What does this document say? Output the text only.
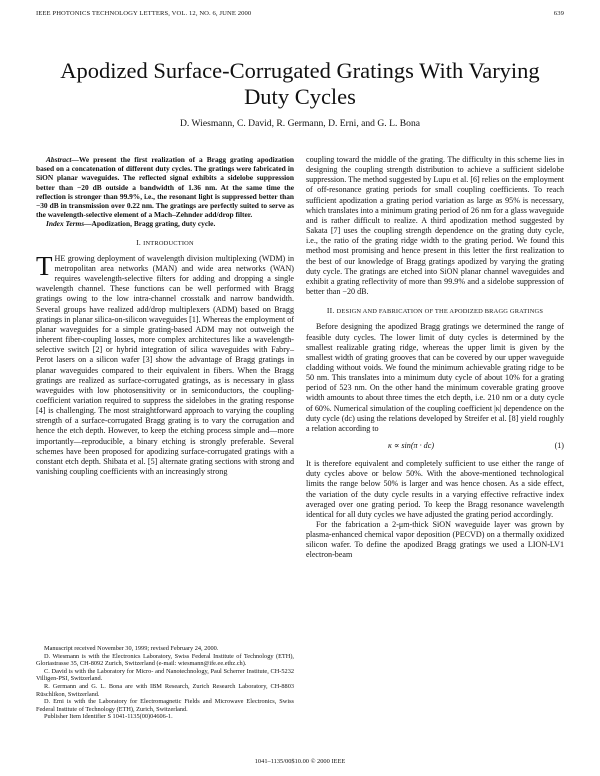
IEEE PHOTONICS TECHNOLOGY LETTERS, VOL. 12, NO. 6, JUNE 2000	639
Apodized Surface-Corrugated Gratings With Varying Duty Cycles
D. Wiesmann, C. David, R. Germann, D. Erni, and G. L. Bona

Abstract—We present the first realization of a Bragg grating apodization based on a concatenation of different duty cycles. The gratings were fabricated in SiON planar waveguides. The reflected signal exhibits a sidelobe suppression better than −20 dB outside a bandwidth of 1.36 nm. At the same time the reflection is stronger than 99.9%, i.e., the resonant light is suppressed better than −30 dB in transmission over 0.22 nm. The gratings are perfectly suited to serve as the wavelength-selective element of a Mach–Zehnder add/drop filter.

Index Terms—Apodization, Bragg grating, duty cycle.

I. INTRODUCTION

THE growing deployment of wavelength division multiplexing (WDM) in metropolitan area networks (MAN) and wide area networks (WAN) requires wavelength-selective filters for adding and dropping a single wavelength channel. These functions can be well performed with Bragg gratings owing to the low intra-channel crosstalk and narrow bandwidth. Several groups have realized add/drop multiplexers (ADM) based on Bragg gratings in planar silica-on-silicon waveguides [1]. Whereas the employment of planar waveguides for a simple grating-based ADM may not outweigh the inherent fiber-coupling losses, more complex architectures like a wavelength-selective switch [2] or hybrid integration of silica waveguides with Fabry–Perot lasers on a silicon wafer [3] show the advantage of Bragg gratings in planar waveguides compared to their equivalent in fibers. When the Bragg gratings are realized as surface-corrugated gratings, as is necessary in glass waveguides with low photosensitivity or in semiconductors, the coupling-coefficient variation required to suppress the sidelobes in the grating response [4] is challenging. The most straightforward approach to varying the coupling strength of a surface-corrugated Bragg grating is to vary the corrugation and hence the etch depth. However, to keep the etching process simple and—more importantly—reproducible, a binary etching is strongly preferable. Several schemes have been proposed for apodizing surface-corrugated gratings with a constant etch depth. Shibata et al. [5] alternate grating sections with strong and vanishing coupling coefficients with an increasingly strong

Manuscript received November 30, 1999; revised February 24, 2000.

D. Wiesmann is with the Electronics Laboratory, Swiss Federal Institute of Technology (ETH), Gloriastrasse 35, CH-8092 Zurich, Switzerland (e-mail: wiesmann@ife.ee.ethz.ch).

C. David is with the Laboratory for Micro- and Nanotechnology, Paul Scherrer Institute, CH-5232 Villigen-PSI, Switzerland.

R. Germann and G. L. Bona are with IBM Research, Zurich Research Laboratory, CH-8803 Rüschlikon, Switzerland.

D. Erni is with the Laboratory for Electromagnetic Fields and Microwave Electronics, Swiss Federal Institute of Technology (ETH), Zurich, Switzerland.

Publisher Item Identifier S 1041-1135(00)04606-1.

coupling toward the middle of the grating. The difficulty in this scheme lies in designing the coupling strength distribution to achieve a sufficient sidelobe suppression. The method suggested by Lupu et al. [6] relies on the employment of off-resonance grating periods for small coupling coefficients. To reach sufficient apodization a grating period variation as large as 95% is necessary, which translates into a minimum grating period of 26 nm for a glass waveguide and is rather difficult to realize. A third apodization method suggested by Sakata [7] uses the coupling strength dependence on the grating duty cycle, i.e., the ratio of the grating ridge width to the grating period. We found this method most promising and hence present in this letter the first realization to the best of our knowledge of Bragg gratings apodized by varying the grating duty cycle. The gratings are etched into SiON planar channel waveguides and exhibit a grating reflectivity of more than 99.9% and a sidelobe suppression of better than −20 dB.

II. DESIGN AND FABRICATION OF THE APODIZED BRAGG GRATINGS

Before designing the apodized Bragg gratings we determined the range of feasible duty cycles. The lower limit of duty cycles is determined by the smallest realizable grating ridge, whereas the upper limit is given by the smallest width of grating grooves that can be covered by our upper waveguide cladding without voids. We found the minimum achievable grating ridge to be 50 nm. This translates into a minimum duty cycle of about 10% for a grating period of 523 nm. On the other hand the minimum coverable grating groove width amounts to about three times the etch depth, i.e. 210 nm or a duty cycle of 60%. Numerical simulation of the coupling coefficient |κ| dependence on the duty cycle (dc) using the relations developed by Streifer et al. [8] yield roughly a relation according to

κ ∝ sin(π · dc)	(1)

It is therefore equivalent and completely sufficient to use either the range of duty cycles above or below 50%. With the above-mentioned technological limits the range below 50% is larger and was hence chosen. As a side effect, the variation of the duty cycle results in a varying effective refractive index averaged over one grating period. To keep the Bragg resonance wavelength identical for all duty cycles we have adjusted the grating period accordingly.

For the fabrication a 2-μm-thick SiON waveguide layer was grown by plasma-enhanced chemical vapor deposition (PECVD) on a thermally oxidized silicon wafer. To define the apodized Bragg gratings we used a LION-LV1 electron-beam

1041–1135/00$10.00 © 2000 IEEE
